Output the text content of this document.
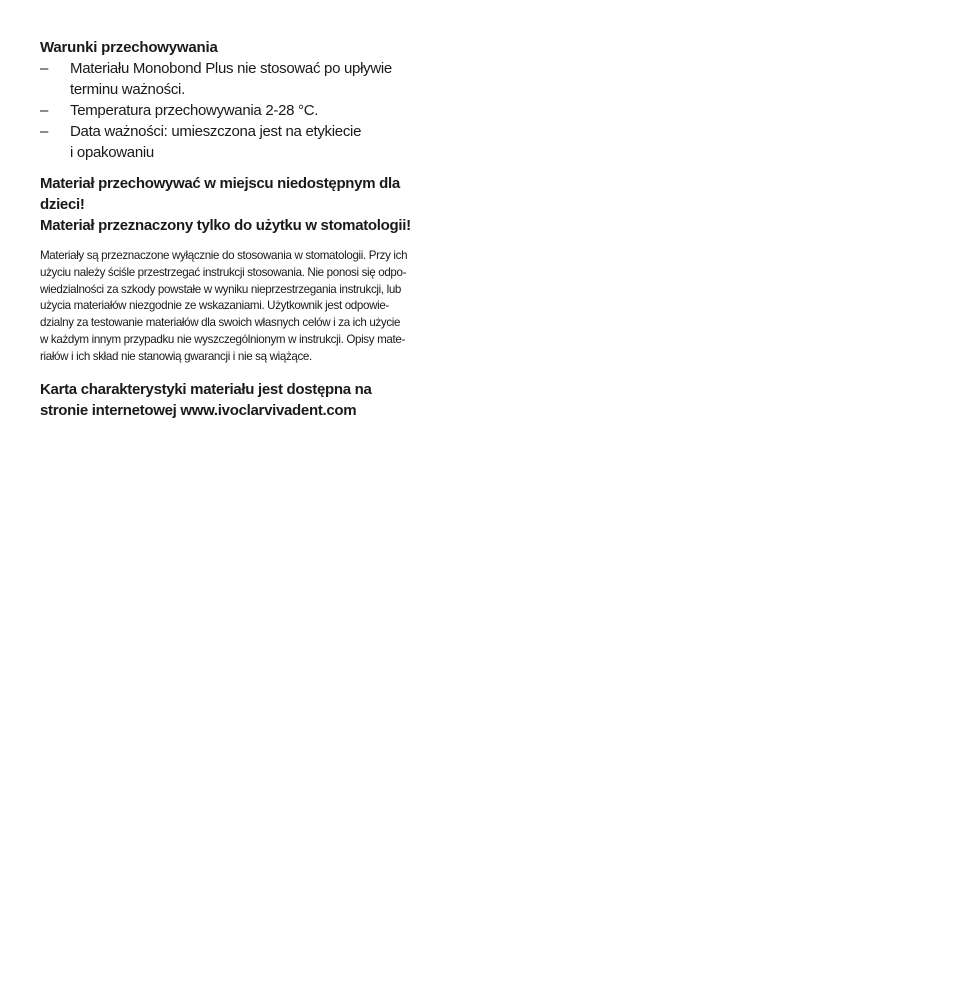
Warunki przechowywania
– Materiału Monobond Plus nie stosować po upływie
terminu ważności.
– Temperatura przechowywania 2-28 °C.
– Data ważności: umieszczona jest na etykiecie
i opakowaniu

Materiał przechowywać w miejscu niedostępnym dla
dzieci!

Materiał przeznaczony tylko do użytku w stomatologii!

Materiały są przeznaczone wyłącznie do stosowania w stomatologii. Przy ich
użyciu należy ściśle przestrzegać instrukcji stosowania. Nie ponosi się odpo-
wiedzialności za szkody powstałe w wyniku nieprzestrzegania instrukcji, lub
użycia materiałów niezgodnie ze wskazaniami. Użytkownik jest odpowie-
dzialny za testowanie materiałów dla swoich własnych celów i za ich użycie
w każdym innym przypadku nie wyszczególnionym w instrukcji. Opisy mate-
riałów i ich skład nie stanowią gwarancji i nie są wiążące.

Karta charakterystyki materiału jest dostępna na
stronie internetowej www.ivoclarvivadent.com
